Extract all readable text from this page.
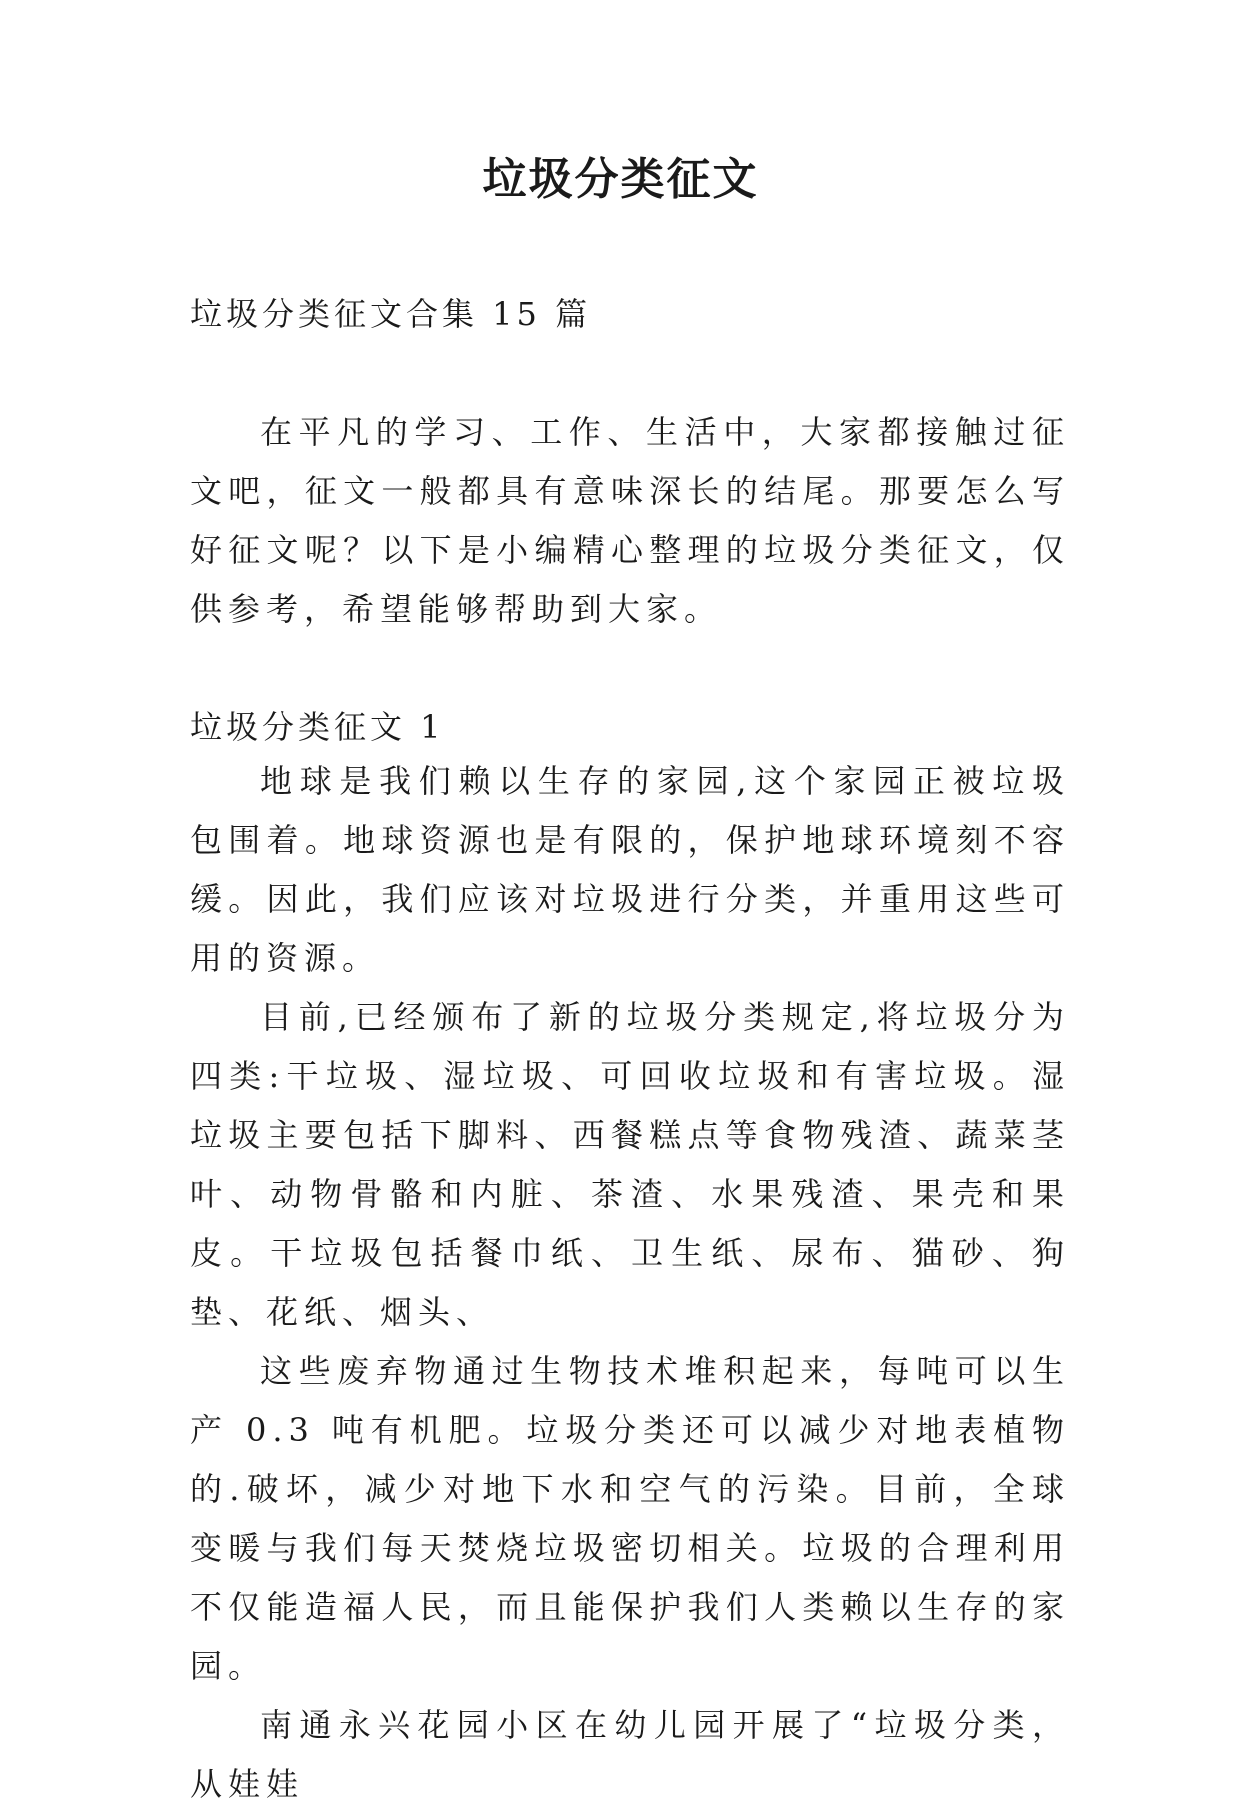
垃圾分类征文
垃圾分类征文合集 15 篇

在平凡的学习、工作、生活中，大家都接触过征文吧，征文一般都具有意味深长的结尾。那要怎么写好征文呢？以下是小编精心整理的垃圾分类征文，仅供参考，希望能够帮助到大家。

垃圾分类征文 1

地球是我们赖以生存的家园,这个家园正被垃圾包围着。地球资源也是有限的，保护地球环境刻不容缓。因此，我们应该对垃圾进行分类，并重用这些可用的资源。

目前,已经颁布了新的垃圾分类规定,将垃圾分为四类:干垃圾、湿垃圾、可回收垃圾和有害垃圾。湿垃圾主要包括下脚料、西餐糕点等食物残渣、蔬菜茎叶、动物骨骼和内脏、茶渣、水果残渣、果壳和果皮。干垃圾包括餐巾纸、卫生纸、尿布、猫砂、狗垫、花纸、烟头、

这些废弃物通过生物技术堆积起来，每吨可以生产 0.3 吨有机肥。垃圾分类还可以减少对地表植物的.破坏，减少对地下水和空气的污染。目前，全球变暖与我们每天焚烧垃圾密切相关。垃圾的合理利用不仅能造福人民，而且能保护我们人类赖以生存的家园。

南通永兴花园小区在幼儿园开展了“垃圾分类，从娃娃
